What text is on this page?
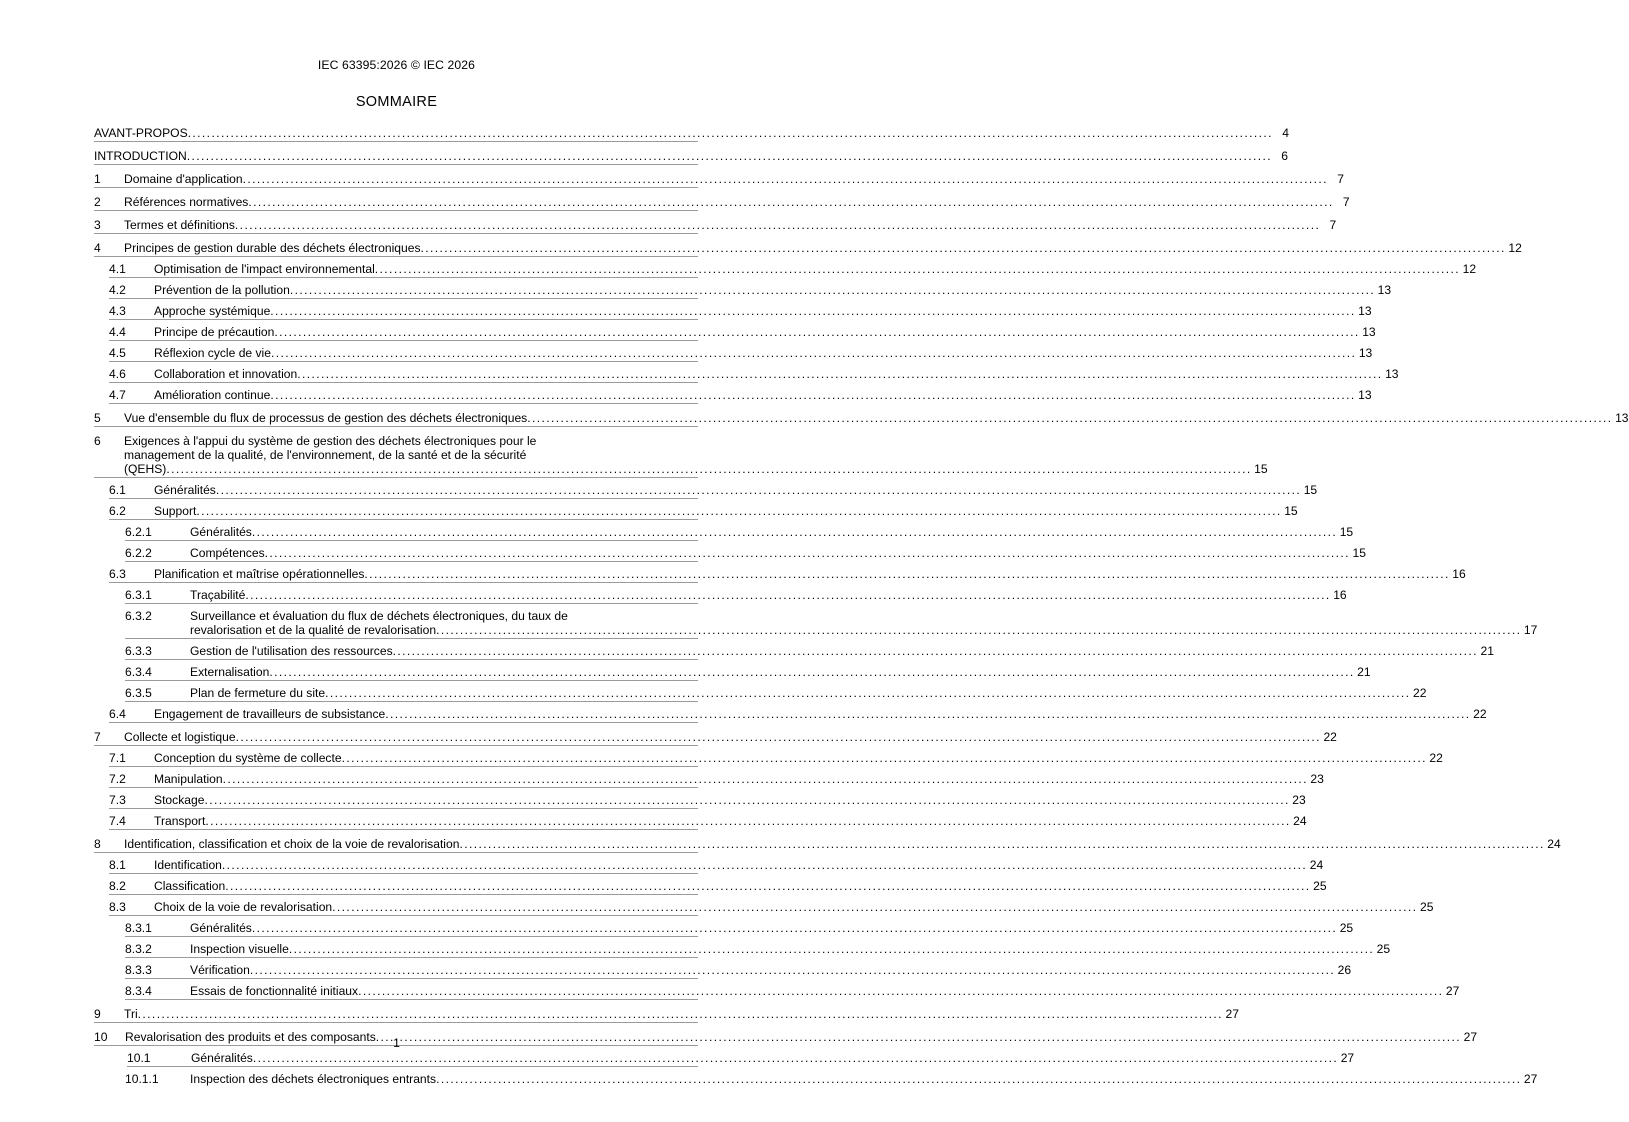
IEC 63395:2026 © IEC 2026
SOMMAIRE
AVANT-PROPOS .....	4
INTRODUCTION .....	6
1	Domaine d'application .....	7
2	Références normatives .....	7
3	Termes et définitions .....	7
4	Principes de gestion durable des déchets électroniques .....	12
4.1	Optimisation de l'impact environnemental .....	12
4.2	Prévention de la pollution .....	13
4.3	Approche systémique .....	13
4.4	Principe de précaution .....	13
4.5	Réflexion cycle de vie .....	13
4.6	Collaboration et innovation .....	13
4.7	Amélioration continue .....	13
5	Vue d'ensemble du flux de processus de gestion des déchets électroniques .....	13
6	Exigences à l'appui du système de gestion des déchets électroniques pour le
management de la qualité, de l'environnement, de la santé et de la sécurité
(QEHS) .....	15
6.1	Généralités .....	15
6.2	Support .....	15
6.2.1	Généralités .....	15
6.2.2	Compétences .....	15
6.3	Planification et maîtrise opérationnelles .....	16
6.3.1	Traçabilité .....	16
6.3.2	Surveillance et évaluation du flux de déchets électroniques, du taux de
revalorisation et de la qualité de revalorisation .....	17
6.3.3	Gestion de l'utilisation des ressources .....	21
6.3.4	Externalisation .....	21
6.3.5	Plan de fermeture du site .....	22
6.4	Engagement de travailleurs de subsistance .....	22
7	Collecte et logistique .....	22
7.1	Conception du système de collecte .....	22
7.2	Manipulation .....	23
7.3	Stockage .....	23
7.4	Transport .....	24
8	Identification, classification et choix de la voie de revalorisation .....	24
8.1	Identification .....	24
8.2	Classification .....	25
8.3	Choix de la voie de revalorisation .....	25
8.3.1	Généralités .....	25
8.3.2	Inspection visuelle .....	25
8.3.3	Vérification .....	26
8.3.4	Essais de fonctionnalité initiaux .....	27
9	Tri .....	27
10	Revalorisation des produits et des composants .....	27
10.1	Généralités .....	27
10.1.1	Inspection des déchets électroniques entrants .....	27
1
